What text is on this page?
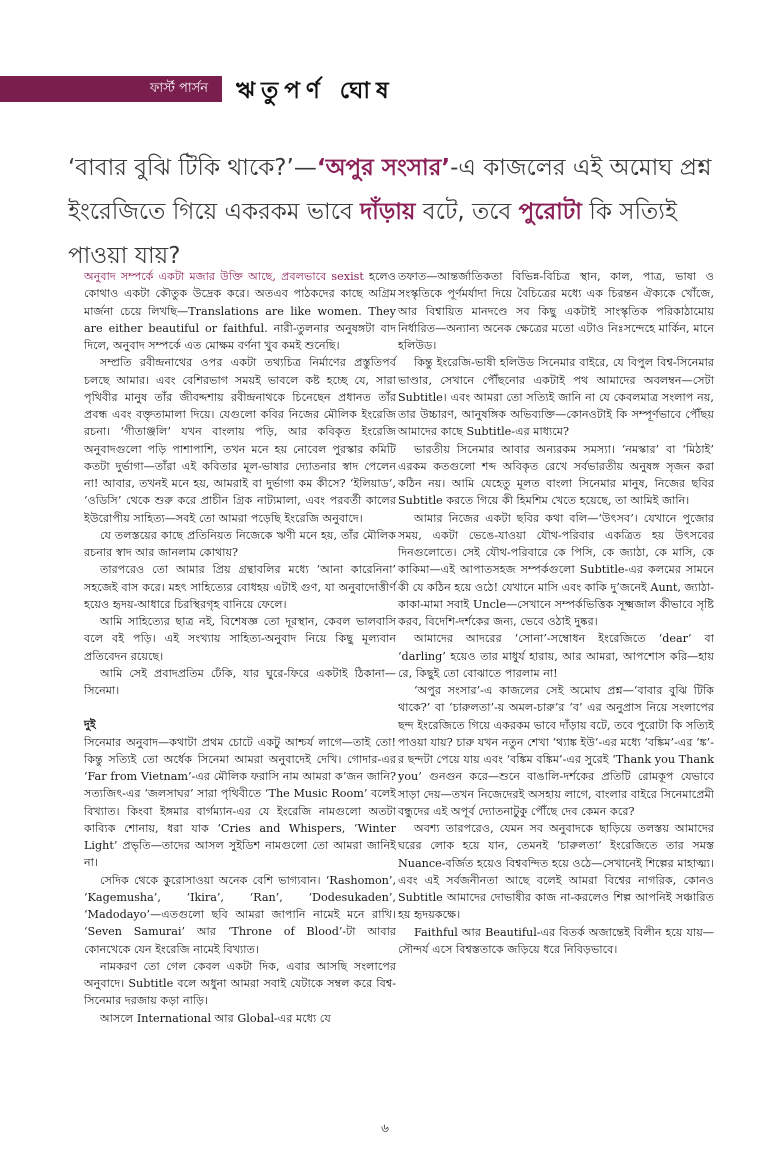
ফার্স্ট পার্সন ঋতুপর্ণ ঘোষ
‘বাবার বুঝি টিকি থাকে?’—‘অপুর সংসার’-এ কাজলের এই অমোঘ প্রশ্ন ইংরেজিতে গিয়ে একরকম ভাবে দাঁড়ায় বটে, তবে পুরোটা কি সত্যিই পাওয়া যায়?

অনুবাদ সম্পর্কে একটা মজার উক্তি আছে, প্রবলভাবে sexist হলেও কোথাও একটা কৌতুক উদ্রেক করে। অতএব পাঠকদের কাছে অগ্রিম মার্জনা চেয়ে লিখছি—Translations are like women. They are either beautiful or faithful. নারী-তুলনার অনুষঙ্গটা বাদ দিলে, অনুবাদ সম্পর্কে এত মোক্ষম বর্ণনা খুব কমই শুনেছি।

সম্প্রতি রবীন্দ্রনাথের ওপর একটা তথ্যচিত্র নির্মাণের প্রস্তুতিপর্ব চলছে আমার। এবং বেশিরভাগ সময়ই ভাবলে কষ্ট হচ্ছে যে, সারা পৃথিবীর মানুষ তাঁর জীবদ্দশায় রবীন্দ্রনাথকে চিনেছেন প্রধানত তাঁর প্রবন্ধ এবং বক্তৃতামালা দিয়ে। যেগুলো কবির নিজের মৌলিক ইংরেজি রচনা। ‘গীতাঞ্জলি’ যখন বাংলায় পড়ি, আর কবিকৃত ইংরেজি অনুবাদগুলো পড়ি পাশাপাশি, তখন মনে হয় নোবেল পুরস্কার কমিটি কতটা দুর্ভাগা—তাঁরা এই কবিতার মূল-ভাষার দ্যোতনার স্বাদ পেলেন না! আবার, তখনই মনে হয়, আমরাই বা দুর্ভাগা কম কীসে? ‘ইলিয়াড’, ‘ওডিসি’ থেকে শুরু করে প্রাচীন গ্রিক নাট্যমালা, এবং পরবর্তী কালের ইউরোপীয় সাহিত্য—সবই তো আমরা পড়েছি ইংরেজি অনুবাদে।

যে তলস্তয়ের কাছে প্রতিনিয়ত নিজেকে ঋণী মনে হয়, তাঁর মৌলিক রচনার স্বাদ আর জানলাম কোথায়?

তারপরেও তো আমার প্রিয় গ্রন্থাবলির মধ্যে ‘আনা কারেনিনা’ সহজেই বাস করে। মহৎ সাহিত্যের বোধহয় এটাই গুণ, যা অনুবাদোত্তীর্ণ হয়েও হৃদয়-আধারে চিরস্থিরগৃহ বানিয়ে ফেলে।

আমি সাহিত্যের ছাত্র নই, বিশেষজ্ঞ তো দূরস্থান, কেবল ভালবাসি বলে বই পড়ি। এই সংখ্যায় সাহিত্য-অনুবাদ নিয়ে কিছু মূল্যবান প্রতিবেদন রয়েছে।

আমি সেই প্রবাদপ্রতিম ঢেঁকি, যার ঘুরে-ফিরে একটাই ঠিকানা—সিনেমা।

দুই

সিনেমার অনুবাদ—কথাটা প্রথম চোটে একটু আশ্চর্য লাগে—তাই তো! কিন্তু সত্যিই তো অর্ধেক সিনেমা আমরা অনুবাদেই দেখি। গোদার-এর ‘Far from Vietnam’-এর মৌলিক ফরাসি নাম আমরা ক’জন জানি? সত্যজিৎ-এর ‘জলসাঘর’ সারা পৃথিবীতে ‘The Music Room’ বলেই বিখ্যাত। কিংবা ইঙ্গমার বার্গম্যান-এর যে ইংরেজি নামগুলো অতটা কাব্যিক শোনায়, ধরা যাক ‘Cries and Whispers, ‘Winter Light’ প্রভৃতি—তাদের আসল সুইডিশ নামগুলো তো আমরা জানিই না।

সেদিক থেকে কুরোসাওয়া অনেক বেশি ভাগ্যবান। ‘Rashomon’, ‘Kagemusha’, ‘Ikira’, ‘Ran’, ‘Dodesukaden’, ‘Madodayo’—এতগুলো ছবি আমরা জাপানি নামেই মনে রাখি। ‘Seven Samurai’ আর ‘Throne of Blood’-টা আবার কোনখেকে যেন ইংরেজি নামেই বিখ্যাত।

নামকরণ তো গেল কেবল একটা দিক, এবার আসছি সংলাপের অনুবাদে। Subtitle বলে অধুনা আমরা সবাই যেটাকে সম্বল করে বিশ্ব-সিনেমার দরজায় কড়া নাড়ি।

আসলে International আর Global-এর মধ্যে যে

তফাত—আন্তর্জাতিকতা বিভিন্ন-বিচিত্র স্থান, কাল, পাত্র, ভাষা ও সংস্কৃতিকে পূর্ণমর্যাদা দিয়ে বৈচিত্রের মধ্যে এক চিরন্তন ঐক্যকে খোঁজে, আর বিশ্বায়িত মানদণ্ডে সব কিছু একটাই সাংস্কৃতিক পরিকাঠামোয় নির্ধারিত—অন্যান্য অনেক ক্ষেত্রের মতো এটাও নিঃসন্দেহে মার্কিন, মানে হলিউড।

কিন্তু ইংরেজি-ভাষী হলিউড সিনেমার বাইরে, যে বিপুল বিশ্ব-সিনেমার ভাণ্ডার, সেখানে পৌঁছনোর একটাই পথ আমাদের অবলম্বন—সেটা Subtitle। এবং আমরা তো সত্যিই জানি না যে কেবলমাত্র সংলাপ নয়, তার উচ্চারণ, আনুষঙ্গিক অভিব্যক্তি—কোনওটাই কি সম্পূর্ণভাবে পৌঁছয় আমাদের কাছে Subtitle-এর মাধ্যমে?

ভারতীয় সিনেমার আবার অন্যরকম সমস্যা। ‘নমস্কার’ বা ‘মিঠাই’ এরকম কতগুলো শব্দ অবিকৃত রেখে সর্বভারতীয় অনুষঙ্গ সৃজন করা কঠিন নয়। আমি যেহেতু মূলত বাংলা সিনেমার মানুষ, নিজের ছবির Subtitle করতে গিয়ে কী হিমশিম খেতে হয়েছে, তা আমিই জানি।

আমার নিজের একটা ছবির কথা বলি—‘উৎসব’। যেখানে পুজোর সময়, একটা ভেঙে-যাওয়া যৌথ-পরিবার একত্রিত হয় উৎসবের দিনগুলোতে। সেই যৌথ-পরিবারে কে পিসি, কে জ্যাঠা, কে মাসি, কে কাকিমা—এই আপাতসহজ সম্পর্কগুলো Subtitle-এর কলমের সামনে কী যে কঠিন হয়ে ওঠে! যেখানে মাসি এবং কাকি দু’জনেই Aunt, জ্যাঠা-কাকা-মামা সবাই Uncle—সেখানে সম্পর্কভিত্তিক সূক্ষ্মজাল কীভাবে সৃষ্টি করব, বিদেশি-দর্শকের জন্য, ভেবে ওঠাই দুষ্কর।

আমাদের আদরের ‘সোনা’-সম্বোধন ইংরেজিতে ‘dear’ বা ‘darling’ হয়েও তার মাধুর্য হারায়, আর আমরা, আপশোস করি—হায় রে, কিছুই তো বোঝাতে পারলাম না!

‘অপুর সংসার’-এ কাজলের সেই অমোঘ প্রশ্ন—‘বাবার বুঝি টিকি থাকে?’ বা ‘চারুলতা’-য় অমল-চারু’র ‘ব’ এর অনুপ্রাস নিয়ে সংলাপের ছন্দ ইংরেজিতে গিয়ে একরকম ভাবে দাঁড়ায় বটে, তবে পুরোটা কি সত্যিই পাওয়া যায়? চারু যখন নতুন শেখা ‘থ্যাঙ্ক ইউ’-এর মধ্যে ‘বঙ্কিম’-এর ‘ঙ্ক’-র ছন্দটা পেয়ে যায় এবং ‘বঙ্কিম বঙ্কিম’-এর সুরেই ‘Thank you Thank you’ গুনগুন করে—শুনে বাঙালি-দর্শকের প্রতিটি রোমকূপ যেভাবে সাড়া দেয়—তখন নিজেদেরই অসহায় লাগে, বাংলার বাইরে সিনেমাপ্রেমী বন্ধুদের এই অপূর্ব দ্যোতনাটুকু পৌঁছে দেব কেমন করে?

অবশ্য তারপরেও, যেমন সব অনুবাদকে ছাড়িয়ে তলস্তয় আমাদের ঘরের লোক হয়ে যান, তেমনই ‘চারুলতা’ ইংরেজিতে তার সমস্ত Nuance-বর্জিত হয়েও বিশ্ববন্দিত হয়ে ওঠে—সেখানেই শিল্পের মাহাত্ম্য। এবং এই সর্বজনীনতা আছে বলেই আমরা বিশ্বের নাগরিক, কোনও Subtitle আমাদের দোভাষীর কাজ না-করলেও শিল্প আপনিই সঞ্চারিত হয় হৃদয়কক্ষে।

Faithful আর Beautiful-এর বিতর্ক অজান্তেই বিলীন হয়ে যায়—সৌন্দর্য এসে বিশ্বস্ততাকে জড়িয়ে ধরে নিবিড়ভাবে।

৬
